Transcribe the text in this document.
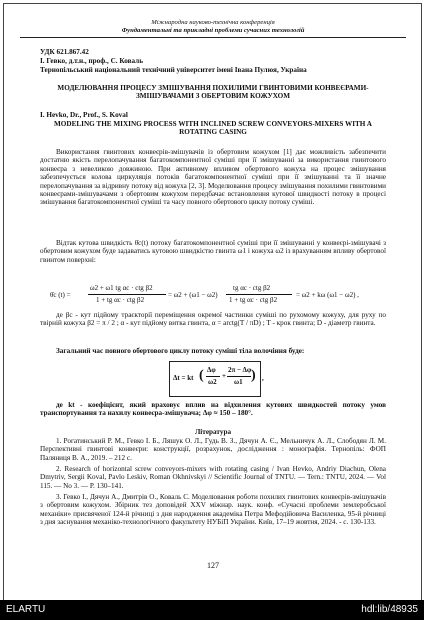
Міжнародна науково-технічна конференція
Фундаментальні та прикладні проблеми сучасних технологій
УДК 621.867.42
І. Гевко, д.т.н., проф., С. Коваль
Тернопільський національний технічний університет імені Івана Пулюя, Україна
МОДЕЛЮВАННЯ ПРОЦЕСУ ЗМІШУВАННЯ ПОХИЛИМИ ГВИНТОВИМИ КОНВЕЄРАМИ-ЗМІШУВАЧАМИ З ОБЕРТОВИМ КОЖУХОМ
I. Hevko, Dr., Prof., S. Koval
MODELING THE MIXING PROCESS WITH INCLINED SCREW CONVEYORS-MIXERS WITH A ROTATING CASING
Використання гвинтових конвеєрів-змішувачів із обертовим кожухом [1] дає можливість забезпечити достатню якість перелопачування багатокомпонентної суміші при її змішуванні за використання гвинтового конвеєра з невеликою довжиною. При активному впливом обертового кожуха на процес змішування забезпечується колова циркуляція потоків багатокомпонентної суміші при її змішуванні та її значне перелопачування за відривну потоку від кожуха [2, 3]. Моделювання процесу змішування похилими гвинтовими конвеєрами-змішувачами з обертовим кожухом передбачає встановлення кутової швидкості потоку в процесі змішування багатокомпонентної суміші та часу повного обертового циклу потоку суміші.
Відтак кутова швидкість θ̇c(t) потоку багатокомпонентної суміші при її змішуванні у конвеєрі-змішувачі з обертовим кожухом буде задаватись кутовою швидкістю гвинта ω1 і кожуха ω2 із врахуванням впливу обертової гвинтом поверхні:
θ̇c (t) =
ω2 + ω1 tg αc · ctg β2
1 + tg αc · ctg β2
= ω2 + (ω1 − ω2)
tg αc · ctg β2
1 + tg αc · ctg β2
= ω2 + kω (ω1 − ω2) ,
де βc - кут підйому траєкторії переміщення окремої частинки суміші по рухомому кожуху, для руху по твірній кожуха β2 = π / 2 ; α - кут підйому витка гвинта, α = arctg(T / πD) ; T - крок гвинта; D - діаметр гвинта.
Загальний час повного обертового циклу потоку суміші тіла волочіння буде:
Δt = kt ( Δφ
ω2
+
2π − Δφ
ω1 ) ,
де kt - коефіцієнт, який враховує вплив на відхилення кутових швидкостей потоку умов транспортування та нахилу конвеєра-змішувача; Δφ ≈ 150 – 180°.
Література
1. Рогатинський Р. М., Гевко І. Б., Ляшук О. Л., Гудь В. З., Дячун А. Є., Мельничук А. Л., Слободян Л. М. Перспективні гвинтові конвеєри: конструкції, розрахунок, дослідження : монографія. Тернопіль: ФОП Паляниця В. А., 2019. – 212 с.
2. Research of horizontal screw conveyors-mixers with rotating casing / Ivan Hevko, Andriy Diachun, Olena Dmytriv, Sergii Koval, Pavlo Leskiv, Roman Okhnivskyi // Scientific Journal of TNTU. — Tern.: TNTU, 2024. — Vol 115. — No 3. — P. 130–141.
3. Гевко І., Дячун А., Дмитрів О., Коваль С. Моделювання роботи похилих гвинтових конвеєрів-змішувачів з обертовим кожухом. Збірник тез доповідей XXV міжнар. наук. конф. «Сучасні проблеми землеробської механіки» присвяченої 124-й річниці з дня народження академіка Петра Мефодійовича Василенка, 95-й річниці з дня заснування механіко-технологічного факультету НУБіП України. Київ, 17–19 жовтня, 2024. - с. 130-133.
127
ELARTU	hdl:lib/48935
